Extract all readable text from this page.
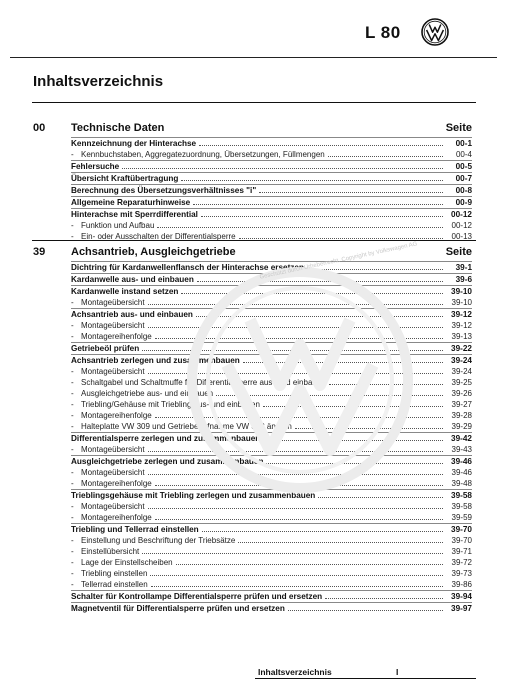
L 80
Inhaltsverzeichnis
00 Technische Daten	Seite
Kennzeichnung der Hinterachse	00-1
- Kennbuchstaben, Aggregatezuordnung, Übersetzungen, Füllmengen	00-4
Fehlersuche	00-5
Übersicht Kraftübertragung	00-7
Berechnung des Übersetzungsverhältnisses "i"	00-8
Allgemeine Reparaturhinweise	00-9
Hinterachse mit Sperrdifferential	00-12
- Funktion und Aufbau	00-12
- Ein- oder Ausschalten der Differentialsperre	00-13
39 Achsantrieb, Ausgleichgetriebe	Seite
Dichtring für Kardanwellenflansch der Hinterachse ersetzen	39-1
Kardanwelle aus- und einbauen	39-6
Kardanwelle instand setzen	39-10
- Montageübersicht	39-10
Achsantrieb aus- und einbauen	39-12
- Montageübersicht	39-12
- Montagereihenfolge	39-13
Getriebeöl prüfen	39-22
Achsantrieb zerlegen und zusammenbauen	39-24
- Montageübersicht	39-24
- Schaltgabel und Schaltmuffe für Differentialsperre aus- und einbauen	39-25
- Ausgleichgetriebe aus- und einbauen	39-26
- Triebling/Gehäuse mit Triebling aus- und einbauen	39-27
- Montagereihenfolge	39-28
- Halteplatte VW 309 und Getriebeaufnahme VW 353 ändern	39-29
Differentialsperre zerlegen und zusammenbauen	39-42
- Montageübersicht	39-43
Ausgleichgetriebe zerlegen und zusammenbauen	39-46
- Montageübersicht	39-46
- Montagereihenfolge	39-48
Trieblingsgehäuse mit Triebling zerlegen und zusammenbauen	39-58
- Montageübersicht	39-58
- Montagereihenfolge	39-59
Triebling und Tellerrad einstellen	39-70
- Einstellung und Beschriftung der Triebsätze	39-70
- Einstellübersicht	39-71
- Lage der Einstellscheiben	39-72
- Triebling einstellen	39-73
- Tellerrad einstellen	39-86
Schalter für Kontrollampe Differentialsperre prüfen und ersetzen	39-94
Magnetventil für Differentialsperre prüfen und ersetzen	39-97
Geschützt durch Urheberrecht. Copyright by Volkswagen AG
Inhaltsverzeichnis	I
